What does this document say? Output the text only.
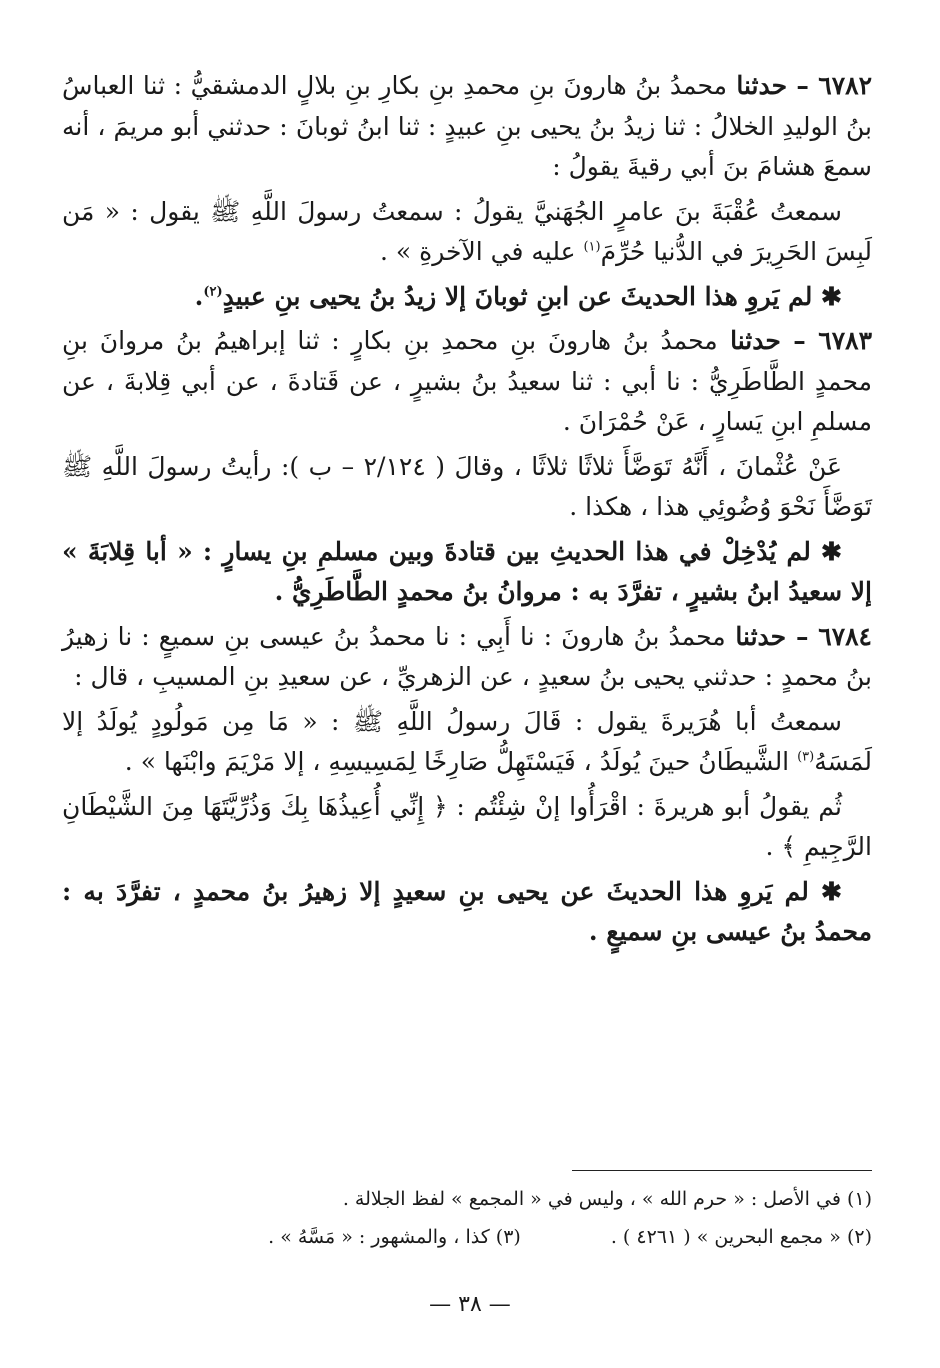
٦٧٨٢ – حدثنا محمدُ بنُ هارونَ بنِ محمدِ بنِ بكارِ بنِ بلالٍ الدمشقيُّ : ثنا العباسُ بنُ الوليدِ الخلالُ : ثنا زيدُ بنُ يحيى بنِ عبيدٍ : ثنا ابنُ ثوبانَ : حدثني أبو مريمَ ، أنه سمعَ هشامَ بنَ أبي رقيةَ يقولُ :

سمعتُ عُقْبَةَ بنَ عامرٍ الجُهَنيَّ يقولُ : سمعتُ رسولَ اللَّهِ ﷺ يقول : « مَن لَبِسَ الحَرِيرَ في الدُّنيا حُرِّمَ$^{(١)}$ عليه في الآخرةِ » .

✱ لم يَروِ هذا الحديثَ عن ابنِ ثوبانَ إلا زيدُ بنُ يحيى بنِ عبيدٍ$^{(٢)}$.

٦٧٨٣ – حدثنا محمدُ بنُ هارونَ بنِ محمدِ بنِ بكارٍ : ثنا إبراهيمُ بنُ مروانَ بنِ محمدٍ الطَّاطَرِيُّ : نا أبي : ثنا سعيدُ بنُ بشيرٍ ، عن قَتادةَ ، عن أبي قِلابةَ ، عن مسلمِ ابنِ يَسارٍ ، عَنْ حُمْرَانَ .

عَنْ عُثْمانَ ، أَنَّهُ تَوَضَّأَ ثلاثًا ثلاثًا ، وقالَ ( ٢/١٢٤ – ب ): رأيتُ رسولَ اللَّهِ ﷺ تَوَضَّأَ نَحْوَ وُضُوئِي هذا ، هكذا .

✱ لم يُدْخِلْ في هذا الحديثِ بين قتادةَ وبين مسلمِ بنِ يسارٍ : « أبا قِلابَةَ » إلا سعيدُ ابنُ بشيرٍ ، تفرَّدَ به : مروانُ بنُ محمدٍ الطَّاطَرِيُّ .

٦٧٨٤ – حدثنا محمدُ بنُ هارونَ : نا أَبِي : نا محمدُ بنُ عيسى بنِ سميعٍ : نا زهيرُ بنُ محمدٍ : حدثني يحيى بنُ سعيدٍ ، عن الزهريِّ ، عن سعيدِ بنِ المسيبِ ، قال :

سمعتُ أبا هُرَيرةَ يقول : قَالَ رسولُ اللَّهِ ﷺ : « مَا مِن مَولُودٍ يُولَدُ إلا لَمَسَهُ$^{(٣)}$ الشَّيطَانُ حينَ يُولَدُ ، فَيَسْتَهِلُّ صَارِخًا لِمَسِيسِهِ ، إلا مَرْيَمَ وابْنَها » .

ثُم يقولُ أبو هريرةَ : اقْرَأُوا إنْ شِئْتُم : ﴿ إِنِّي أُعِيذُهَا بِكَ وَذُرِّيَّتَهَا مِنَ الشَّيْطَانِ الرَّجِيمِ ﴾ .

✱ لم يَروِ هذا الحديثَ عن يحيى بنِ سعيدٍ إلا زهيرُ بنُ محمدٍ ، تفرَّدَ به : محمدُ بنُ عيسى بنِ سميعٍ .

(١) في الأصل : « حرم الله » ، وليس في « المجمع » لفظ الجلالة .
(٢) « مجمع البحرين » ( ٤٢٦١ ) .(٣) كذا ، والمشهور : « مَسَّهُ » .
— ٣٨ —
